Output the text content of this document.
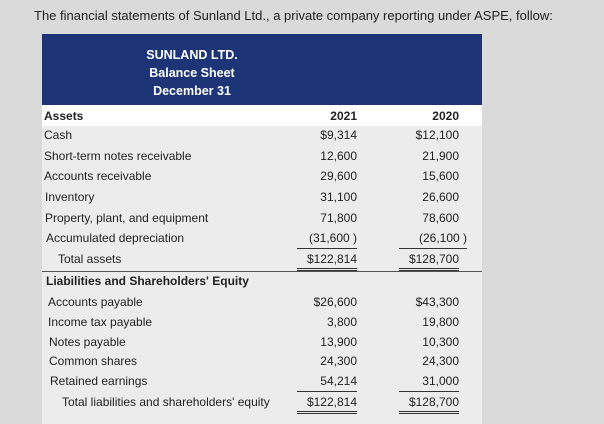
The financial statements of Sunland Ltd., a private company reporting under ASPE, follow:
SUNLAND LTD.
Balance Sheet
December 31
Assets	2021	2020
Cash	$9,314	$12,100
Short-term notes receivable	12,600	21,900
Accounts receivable	29,600	15,600
Inventory	31,100	26,600
Property, plant, and equipment	71,800	78,600
Accumulated depreciation	(31,600 )	(26,100 )
Total assets	$122,814	$128,700
Liabilities and Shareholders' Equity
Accounts payable	$26,600	$43,300
Income tax payable	3,800	19,800
Notes payable	13,900	10,300
Common shares	24,300	24,300
Retained earnings	54,214	31,000
Total liabilities and shareholders' equity	$122,814	$128,700
